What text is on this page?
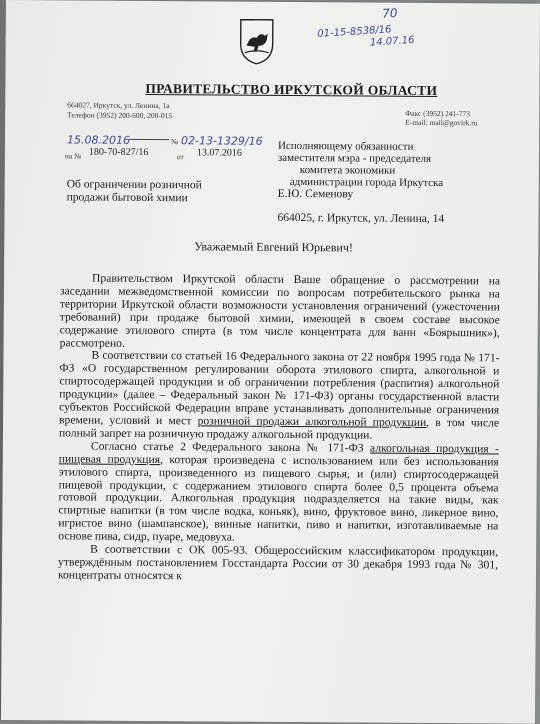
70
01-15-8538/16
14.07.16
ПРАВИТЕЛЬСТВО ИРКУТСКОЙ ОБЛАСТИ
664027, Иркутск, ул. Ленина, 1а
Телефон (3952) 200-600, 200-015	Факс (3952) 241-773
E-mail: mail@govirk.ru
15.08.2016	№ 02-13-1329/16
на № 180-70-827/16	от 13.07.2016
Об ограничении розничной
продажи бытовой химии
Исполняющему обязанности
заместителя мэра - председателя
комитета экономики
администрации города Иркутска
Е.Ю. Семенову
664025, г. Иркутск, ул. Ленина, 14
Уважаемый Евгений Юрьевич!

Правительством Иркутской области Ваше обращение о рассмотрении на заседании межведомственной комиссии по вопросам потребительского рынка на территории Иркутской области возможности установления ограничений (ужесточении требований) при продаже бытовой химии, имеющей в своем составе высокое содержание этилового спирта (в том числе концентрата для ванн «Боярышник»), рассмотрено.

В соответствии со статьей 16 Федерального закона от 22 ноября 1995 года № 171-ФЗ «О государственном регулировании оборота этилового спирта, алкогольной и спиртосодержащей продукции и об ограничении потребления (распития) алкогольной продукции» (далее – Федеральный закон № 171-ФЗ) органы государственной власти субъектов Российской Федерации вправе устанавливать дополнительные ограничения времени, условий и мест розничной продажи алкогольной продукции, в том числе полный запрет на розничную продажу алкогольной продукции.

Согласно статье 2 Федерального закона № 171-ФЗ алкогольная продукция - пищевая продукция, которая произведена с использованием или без использования этилового спирта, произведенного из пищевого сырья, и (или) спиртосодержащей пищевой продукции, с содержанием этилового спирта более 0,5 процента объема готовой продукции. Алкогольная продукция подразделяется на такие виды, как спиртные напитки (в том числе водка, коньяк), вино, фруктовое вино, ликерное вино, игристое вино (шампанское), винные напитки, пиво и напитки, изготавливаемые на основе пива, сидр, пуаре, медовуха.

В соответствии с ОК 005-93. Общероссийским классификатором продукции, утверждённым постановлением Госстандарта России от 30 декабря 1993 года № 301, концентраты относятся к
